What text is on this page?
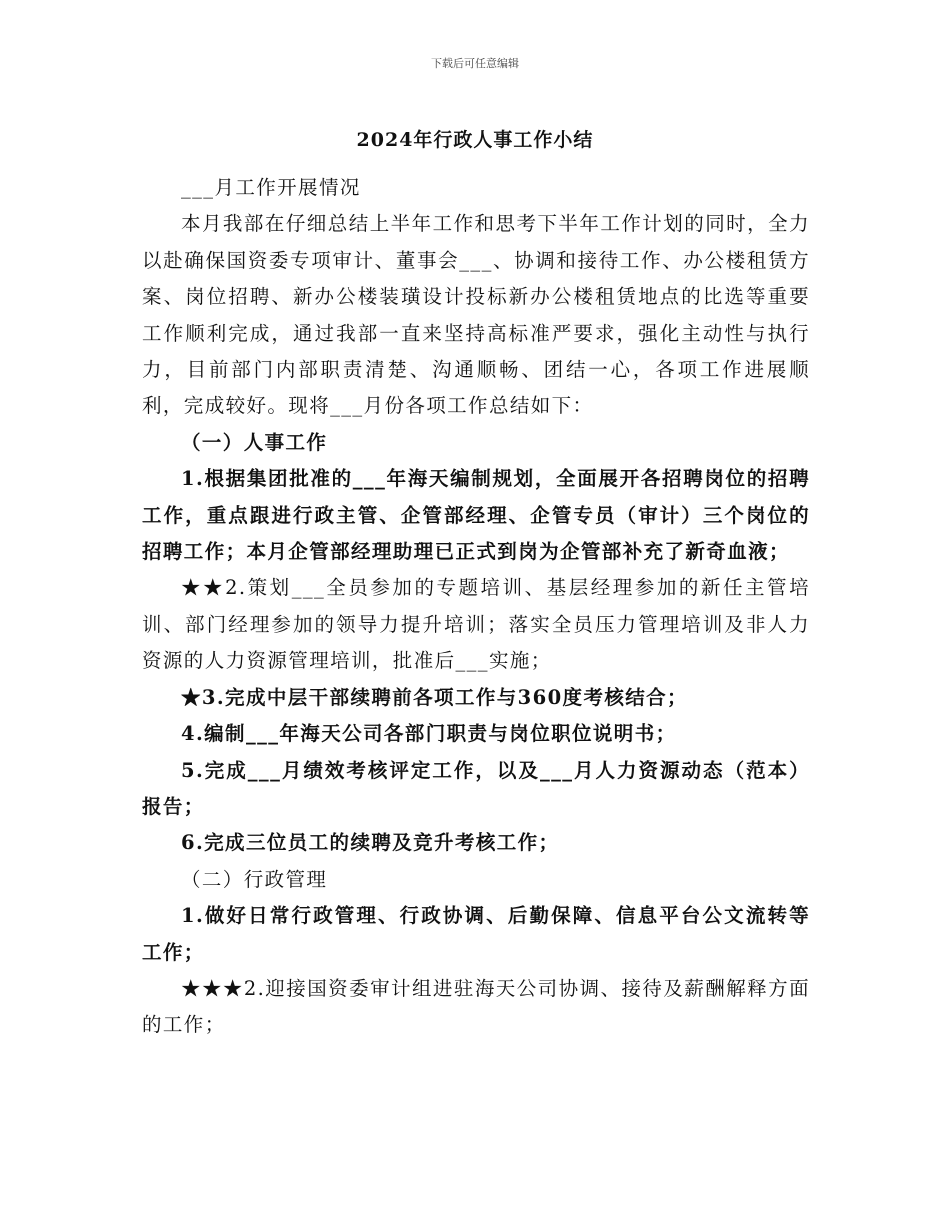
下载后可任意编辑
2024年行政人事工作小结

___月工作开展情况

本月我部在仔细总结上半年工作和思考下半年工作计划的同时，全力以赴确保国资委专项审计、董事会___、协调和接待工作、办公楼租赁方案、岗位招聘、新办公楼装璜设计投标新办公楼租赁地点的比选等重要工作顺利完成，通过我部一直来坚持高标准严要求，强化主动性与执行力，目前部门内部职责清楚、沟通顺畅、团结一心，各项工作进展顺利，完成较好。现将___月份各项工作总结如下：

（一）人事工作

1.根据集团批准的___年海天编制规划，全面展开各招聘岗位的招聘工作，重点跟进行政主管、企管部经理、企管专员（审计）三个岗位的招聘工作；本月企管部经理助理已正式到岗为企管部补充了新奇血液；

★★2.策划___全员参加的专题培训、基层经理参加的新任主管培训、部门经理参加的领导力提升培训；落实全员压力管理培训及非人力资源的人力资源管理培训，批准后___实施；

★3.完成中层干部续聘前各项工作与360度考核结合；

4.编制___年海天公司各部门职责与岗位职位说明书；

5.完成___月绩效考核评定工作，以及___月人力资源动态（范本）报告；

6.完成三位员工的续聘及竞升考核工作；

（二）行政管理

1.做好日常行政管理、行政协调、后勤保障、信息平台公文流转等工作；

★★★2.迎接国资委审计组进驻海天公司协调、接待及薪酬解释方面的工作；
